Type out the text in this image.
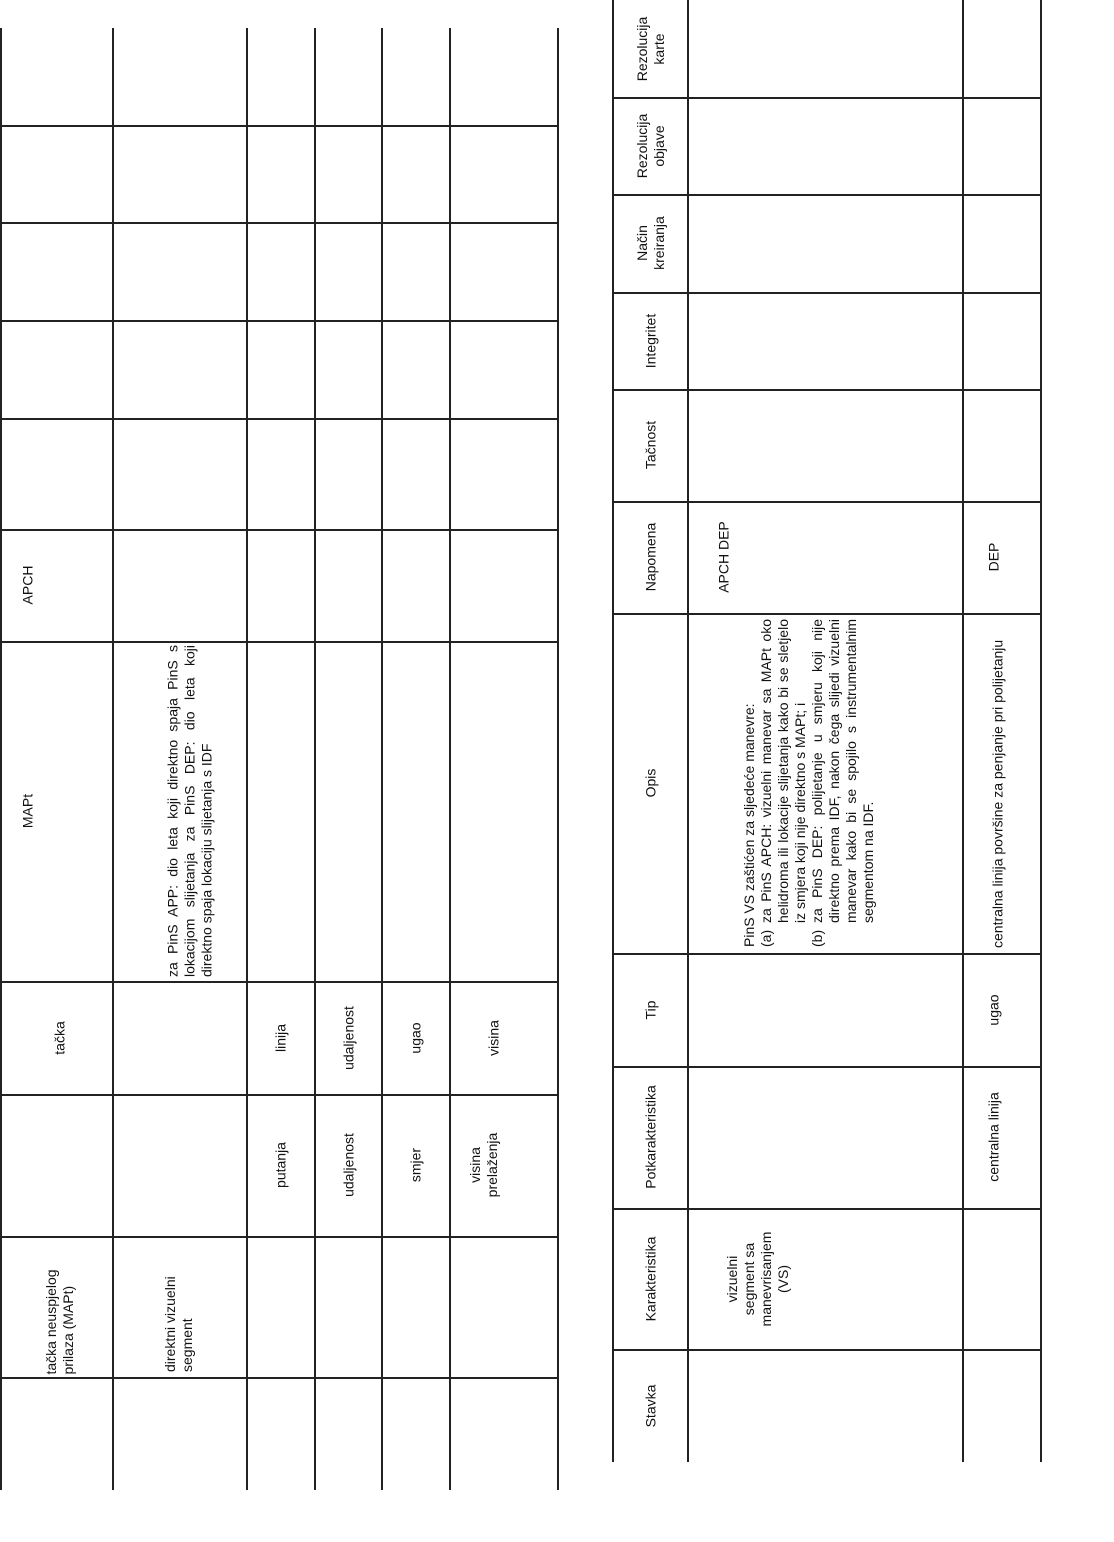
tačka neuspjelog prilaza (MAPt)
tačka
MAPt
APCH
direktni vizuelni segment
za PinS APP: dio leta koji direktno spaja PinS s lokacijom slijetanja za PinS DEP: dio leta koji direktno spaja lokaciju slijetanja s IDF
putanja
linija
udaljenost
udaljenost
smjer
ugao
visina prelaženja
visina
Stavka
Karakteristika
Potkarakteristika
Tip
Opis
Napomena
Tačnost
Integritet
Način kreiranja
Rezolucija objave
Rezolucija karte
vizuelni segment sa manevrisanjem (VS)
PinS VS zaštićen za sljedeće manevre: (a)
za PinS APCH: vizuelni manevar sa MAPt oko helidroma ili lokacije slijetanja kako bi se sletjelo iz smjera koji nije direktno s MAPt; i
(b)
za PinS DEP: polijetanje u smjeru koji nije direktno prema IDF, nakon čega slijedi vizuelni manevar kako bi se spojilo s instrumentalnim segmentom na IDF.
APCH DEP
centralna linija
ugao
centralna linija površine za penjanje pri polijetanju
DEP
